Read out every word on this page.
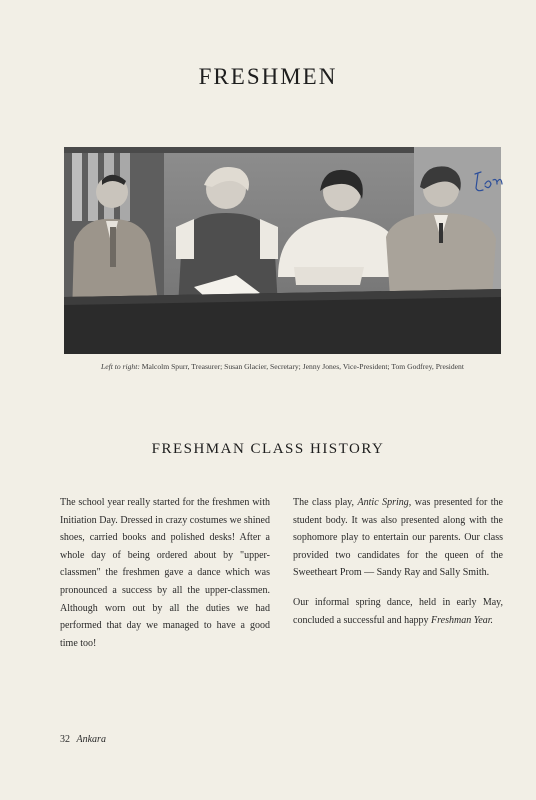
FRESHMEN
Left to right: Malcolm Spurr, Treasurer; Susan Glacier, Secretary; Jenny Jones, Vice-President; Tom Godfrey, President
FRESHMAN CLASS HISTORY

The school year really started for the freshmen with Initiation Day. Dressed in crazy costumes we shined shoes, carried books and polished desks! After a whole day of being ordered about by "upper-classmen" the freshmen gave a dance which was pronounced a success by all the upper-classmen. Although worn out by all the duties we had performed that day we managed to have a good time too!

The class play, Antic Spring, was presented for the student body. It was also presented along with the sophomore play to entertain our parents. Our class provided two candidates for the queen of the Sweetheart Prom — Sandy Ray and Sally Smith.

Our informal spring dance, held in early May, concluded a successful and happy Freshman Year.

32 Ankara
